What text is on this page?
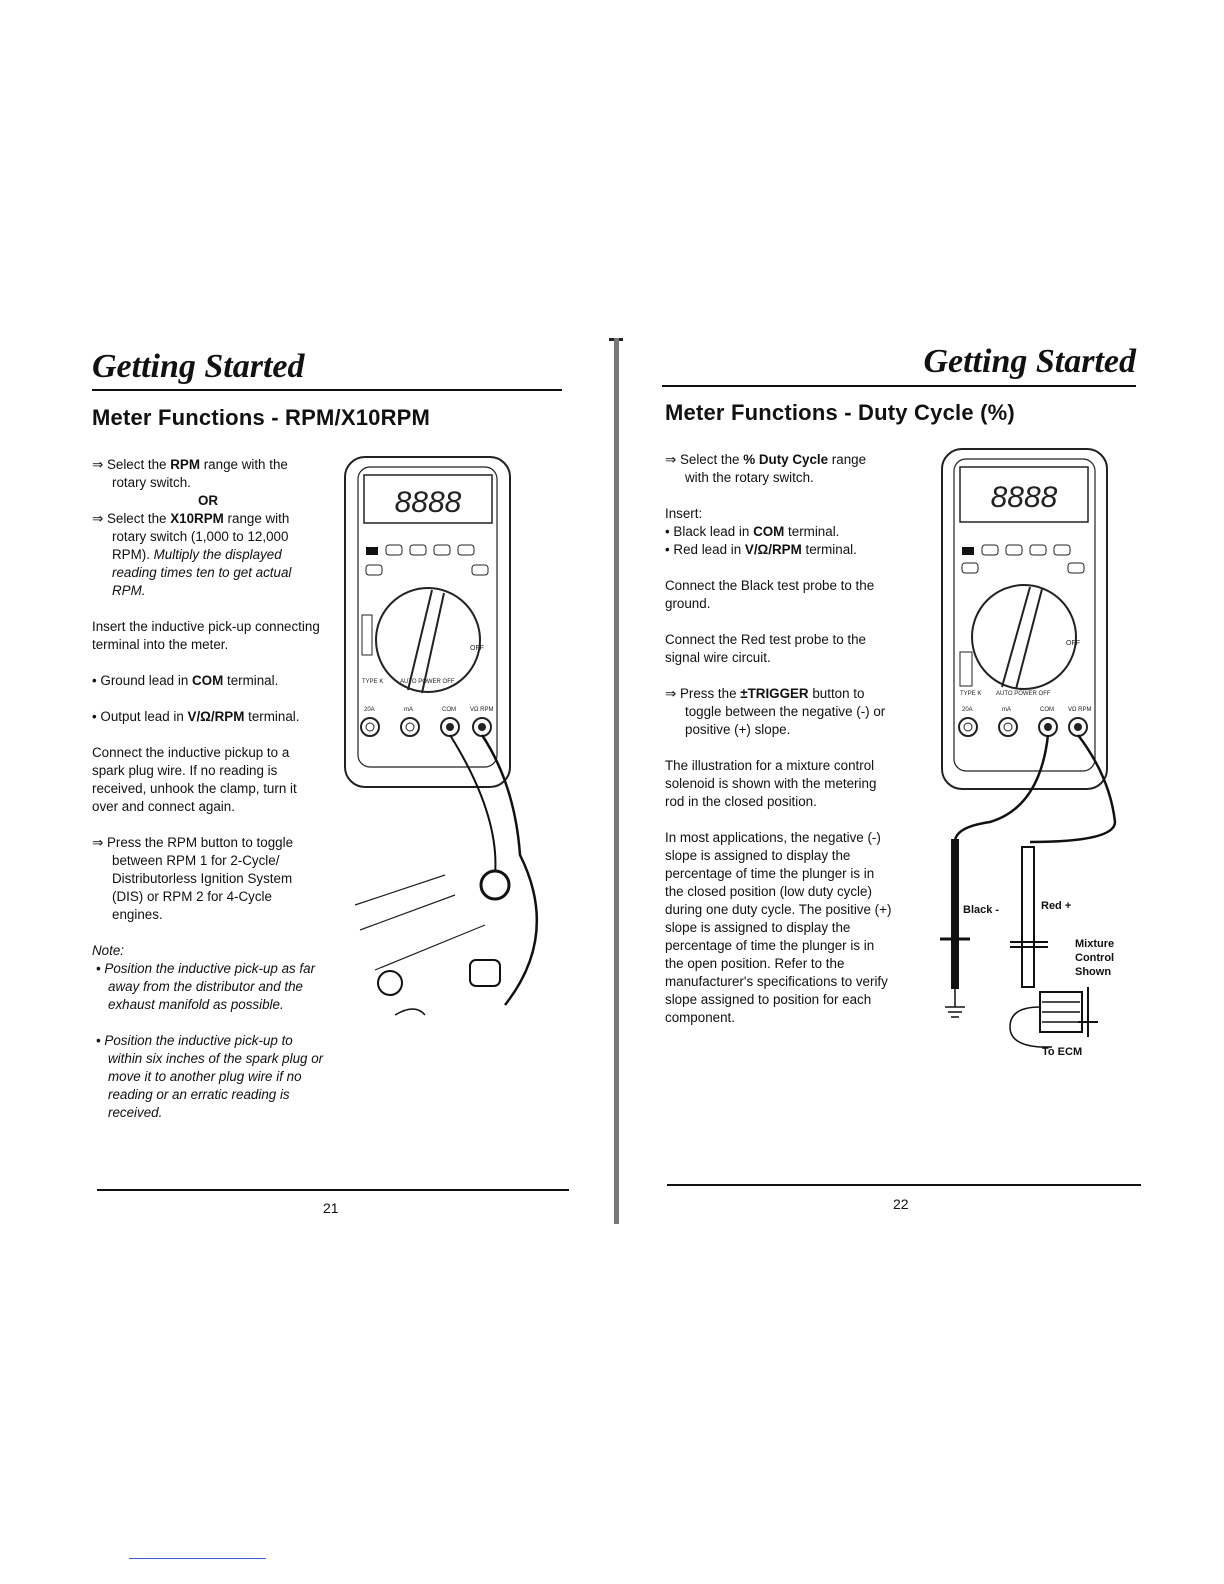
Getting Started
Meter Functions - RPM/X10RPM

⇒ Select the RPM range with the rotary switch.

OR

⇒ Select the X10RPM range with rotary switch (1,000 to 12,000 RPM). Multiply the displayed reading times ten to get actual RPM.

Insert the inductive pick-up connecting terminal into the meter.

• Ground lead in COM terminal.

• Output lead in V/Ω/RPM terminal.

Connect the inductive pickup to a spark plug wire. If no reading is received, unhook the clamp, turn it over and connect again.

⇒ Press the RPM button to toggle between RPM 1 for 2-Cycle/ Distributorless Ignition System (DIS) or RPM 2 for 4-Cycle engines.

Note:

• Position the inductive pick-up as far away from the distributor and the exhaust manifold as possible.

• Position the inductive pick-up to within six inches of the spark plug or move it to another plug wire if no reading or an erratic reading is received.

8888
OFF
TYPE K	AUTO POWER OFF
20A	mA	COM VΩ RPM
21
Getting Started
Meter Functions - Duty Cycle (%)

⇒ Select the % Duty Cycle range with the rotary switch.

Insert:

• Black lead in COM terminal.

• Red lead in V/Ω/RPM terminal.

Connect the Black test probe to the ground.

Connect the Red test probe to the signal wire circuit.

⇒ Press the ±TRIGGER button to toggle between the negative (-) or positive (+) slope.

The illustration for a mixture control solenoid is shown with the metering rod in the closed position.

In most applications, the negative (-) slope is assigned to display the percentage of time the plunger is in the closed position (low duty cycle) during one duty cycle. The positive (+) slope is assigned to display the percentage of time the plunger is in the open position. Refer to the manufacturer's specifications to verify slope assigned to position for each component.

8888
OFF
TYPE K AUTO POWER OFF
20A	mA	COM VΩ RPM
Black -	Red +
Mixture
Control
Shown
To ECM
22
